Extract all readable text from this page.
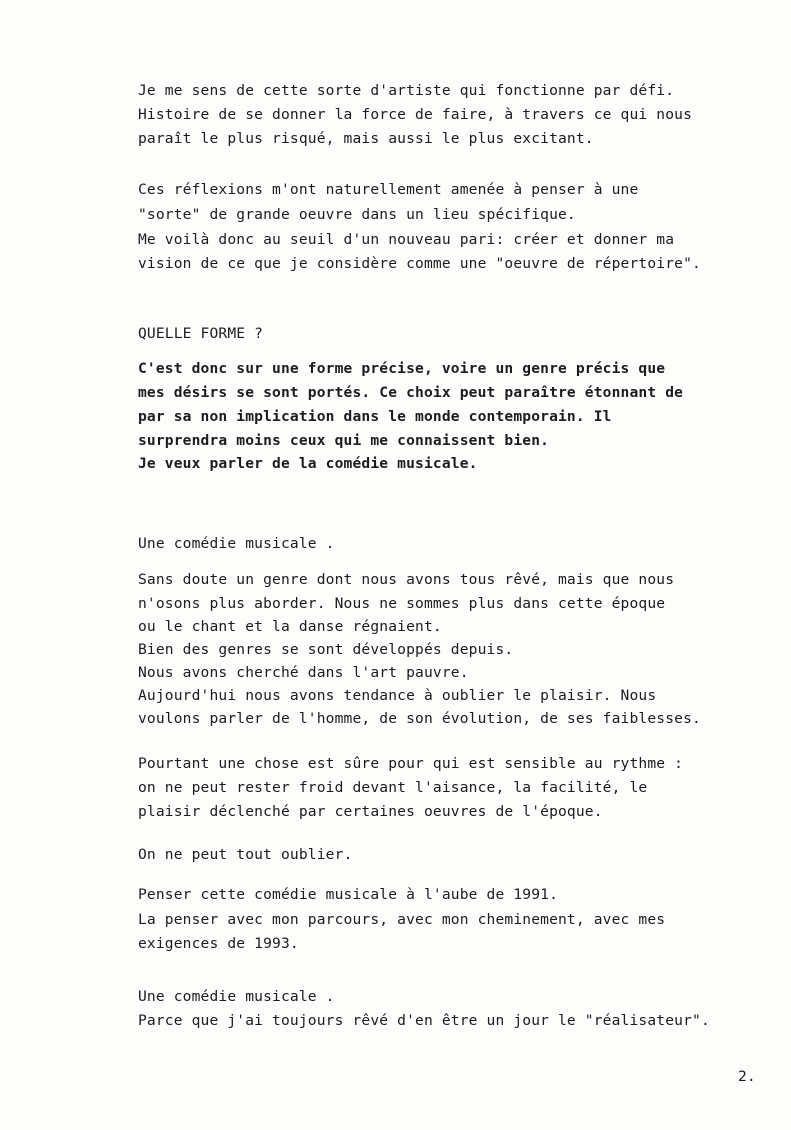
Je me sens de cette sorte d'artiste qui fonctionne par défi.
Histoire de se donner la force de faire, à travers ce qui nous
paraît le plus risqué, mais aussi le plus excitant.
Ces réflexions m'ont naturellement amenée à penser à une
"sorte" de grande oeuvre dans un lieu spécifique.
Me voilà donc au seuil d'un nouveau pari: créer et donner ma
vision de ce que je considère comme une "oeuvre de répertoire".
QUELLE FORME ?
C'est donc sur une forme précise, voire un genre précis que
mes désirs se sont portés. Ce choix peut paraître étonnant de
par sa non implication dans le monde contemporain. Il
surprendra moins ceux qui me connaissent bien.
Je veux parler de la comédie musicale.
Une comédie musicale .
Sans doute un genre dont nous avons tous rêvé, mais que nous
n'osons plus aborder. Nous ne sommes plus dans cette époque
ou le chant et la danse régnaient.
Bien des genres se sont développés depuis.
Nous avons cherché dans l'art pauvre.
Aujourd'hui nous avons tendance à oublier le plaisir. Nous
voulons parler de l'homme, de son évolution, de ses faiblesses.
Pourtant une chose est sûre pour qui est sensible au rythme :
on ne peut rester froid devant l'aisance, la facilité, le
plaisir déclenché par certaines oeuvres de l'époque.
On ne peut tout oublier.
Penser cette comédie musicale à l'aube de 1991.
La penser avec mon parcours, avec mon cheminement, avec mes
exigences de 1993.
Une comédie musicale .
Parce que j'ai toujours rêvé d'en être un jour le "réalisateur".
2.
